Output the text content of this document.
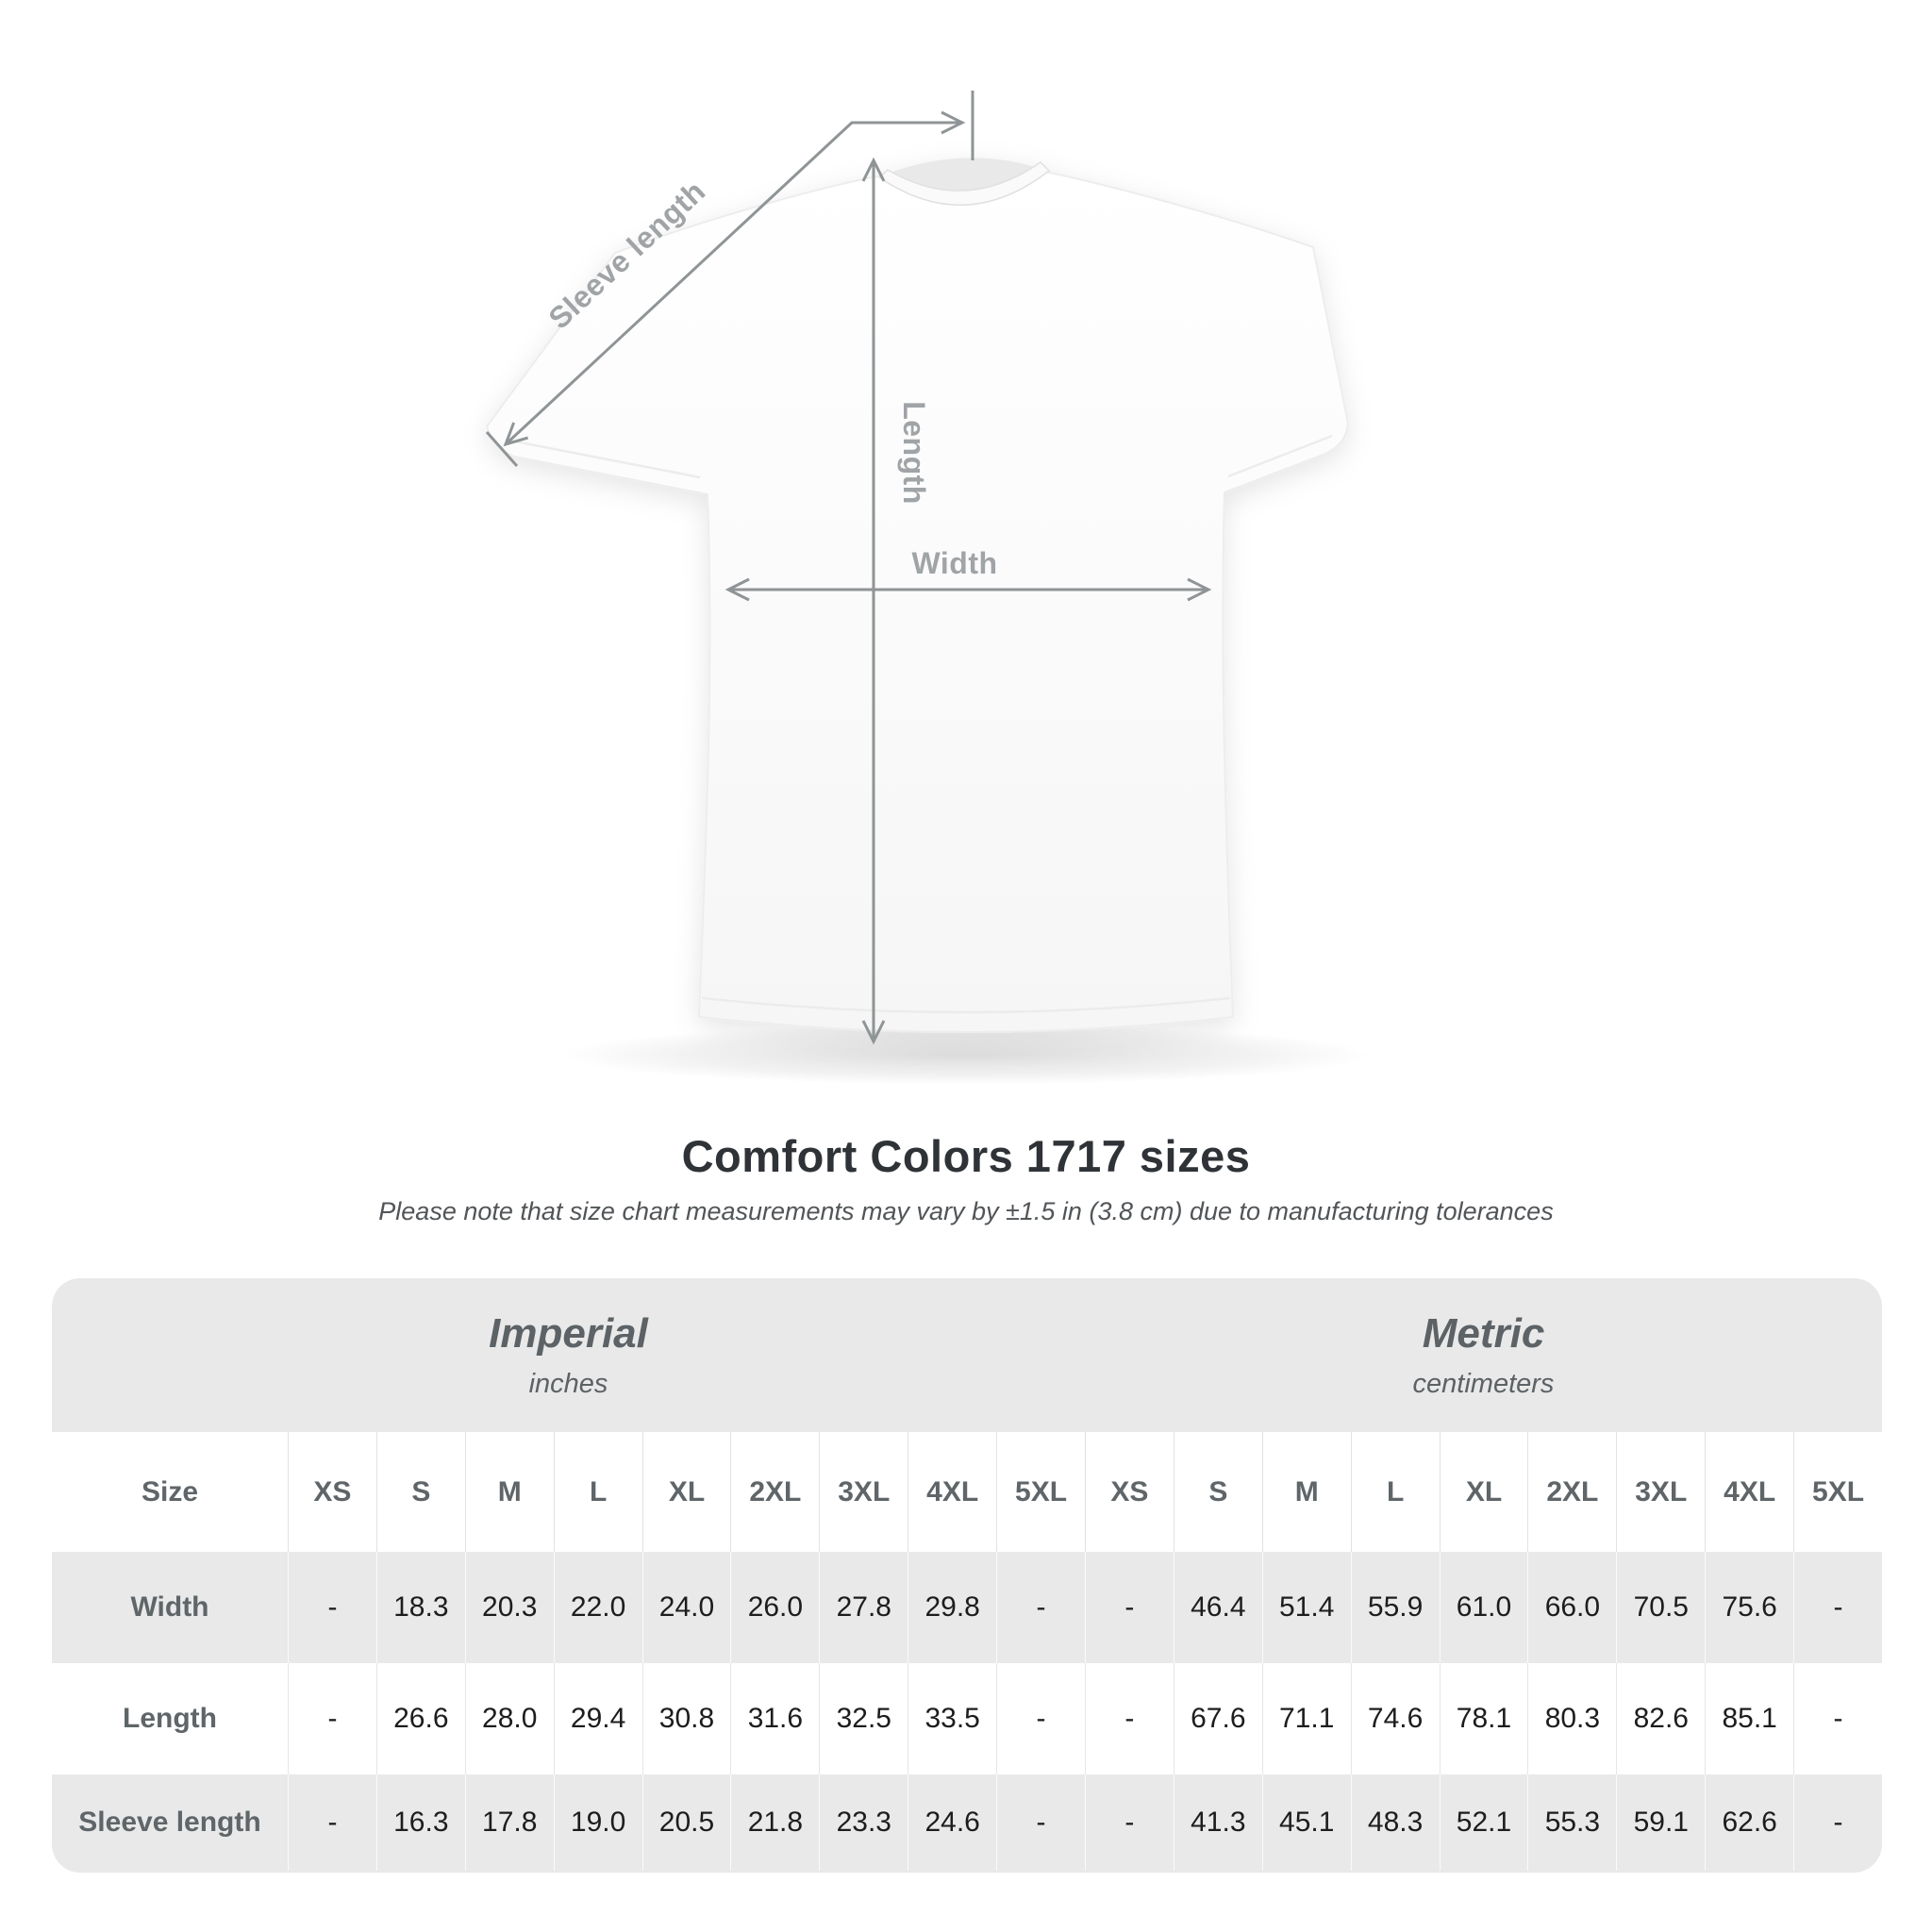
Sleeve length
Length
Width
Comfort Colors 1717 sizes

Please note that size chart measurements may vary by ±1.5 in (3.8 cm) due to manufacturing tolerances

Imperial
inches
Metric
centimeters
Size	XS	S	M	L	XL	2XL	3XL	4XL	5XL	XS	S	M	L	XL	2XL	3XL	4XL	5XL
Width	-	18.3	20.3	22.0	24.0	26.0	27.8	29.8	-	-	46.4	51.4	55.9	61.0	66.0	70.5	75.6	-
Length	-	26.6	28.0	29.4	30.8	31.6	32.5	33.5	-	-	67.6	71.1	74.6	78.1	80.3	82.6	85.1	-
Sleeve length	-	16.3	17.8	19.0	20.5	21.8	23.3	24.6	-	-	41.3	45.1	48.3	52.1	55.3	59.1	62.6	-
